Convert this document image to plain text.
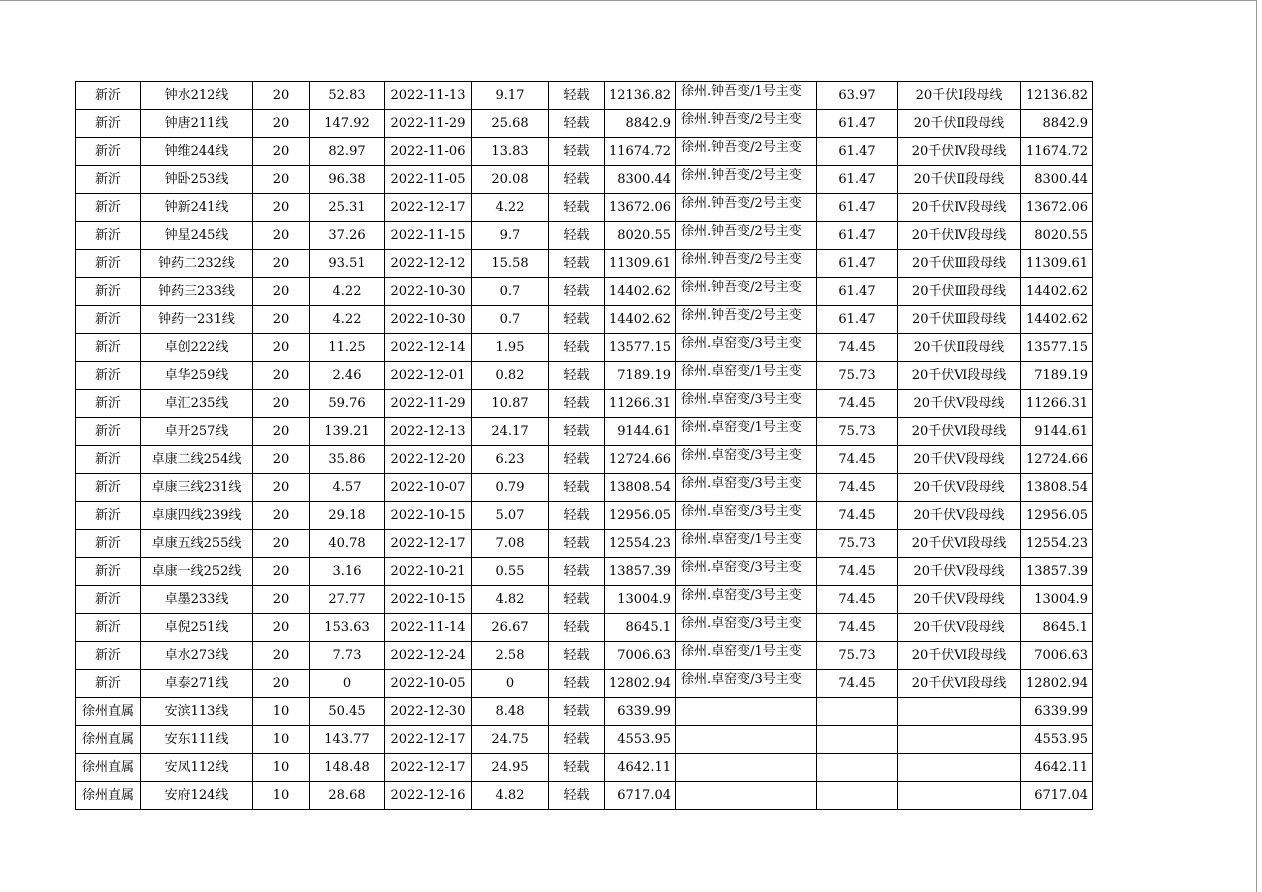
新沂	钟水212线	20	52.83	2022-11-13	9.17	轻载	12136.82	徐州.钟吾变/1号主变	63.97	20千伏Ⅰ段母线	12136.82
新沂	钟唐211线	20	147.92	2022-11-29	25.68	轻载	8842.9	徐州.钟吾变/2号主变	61.47	20千伏Ⅱ段母线	8842.9
新沂	钟维244线	20	82.97	2022-11-06	13.83	轻载	11674.72	徐州.钟吾变/2号主变	61.47	20千伏Ⅳ段母线	11674.72
新沂	钟卧253线	20	96.38	2022-11-05	20.08	轻载	8300.44	徐州.钟吾变/2号主变	61.47	20千伏Ⅱ段母线	8300.44
新沂	钟新241线	20	25.31	2022-12-17	4.22	轻载	13672.06	徐州.钟吾变/2号主变	61.47	20千伏Ⅳ段母线	13672.06
新沂	钟星245线	20	37.26	2022-11-15	9.7	轻载	8020.55	徐州.钟吾变/2号主变	61.47	20千伏Ⅳ段母线	8020.55
新沂	钟药二232线	20	93.51	2022-12-12	15.58	轻载	11309.61	徐州.钟吾变/2号主变	61.47	20千伏Ⅲ段母线	11309.61
新沂	钟药三233线	20	4.22	2022-10-30	0.7	轻载	14402.62	徐州.钟吾变/2号主变	61.47	20千伏Ⅲ段母线	14402.62
新沂	钟药一231线	20	4.22	2022-10-30	0.7	轻载	14402.62	徐州.钟吾变/2号主变	61.47	20千伏Ⅲ段母线	14402.62
新沂	卓创222线	20	11.25	2022-12-14	1.95	轻载	13577.15	徐州.卓窑变/3号主变	74.45	20千伏Ⅱ段母线	13577.15
新沂	卓华259线	20	2.46	2022-12-01	0.82	轻载	7189.19	徐州.卓窑变/1号主变	75.73	20千伏Ⅵ段母线	7189.19
新沂	卓汇235线	20	59.76	2022-11-29	10.87	轻载	11266.31	徐州.卓窑变/3号主变	74.45	20千伏Ⅴ段母线	11266.31
新沂	卓开257线	20	139.21	2022-12-13	24.17	轻载	9144.61	徐州.卓窑变/1号主变	75.73	20千伏Ⅵ段母线	9144.61
新沂	卓康二线254线	20	35.86	2022-12-20	6.23	轻载	12724.66	徐州.卓窑变/3号主变	74.45	20千伏Ⅴ段母线	12724.66
新沂	卓康三线231线	20	4.57	2022-10-07	0.79	轻载	13808.54	徐州.卓窑变/3号主变	74.45	20千伏Ⅴ段母线	13808.54
新沂	卓康四线239线	20	29.18	2022-10-15	5.07	轻载	12956.05	徐州.卓窑变/3号主变	74.45	20千伏Ⅴ段母线	12956.05
新沂	卓康五线255线	20	40.78	2022-12-17	7.08	轻载	12554.23	徐州.卓窑变/1号主变	75.73	20千伏Ⅵ段母线	12554.23
新沂	卓康一线252线	20	3.16	2022-10-21	0.55	轻载	13857.39	徐州.卓窑变/3号主变	74.45	20千伏Ⅴ段母线	13857.39
新沂	卓墨233线	20	27.77	2022-10-15	4.82	轻载	13004.9	徐州.卓窑变/3号主变	74.45	20千伏Ⅴ段母线	13004.9
新沂	卓倪251线	20	153.63	2022-11-14	26.67	轻载	8645.1	徐州.卓窑变/3号主变	74.45	20千伏Ⅴ段母线	8645.1
新沂	卓水273线	20	7.73	2022-12-24	2.58	轻载	7006.63	徐州.卓窑变/1号主变	75.73	20千伏Ⅵ段母线	7006.63
新沂	卓泰271线	20	0	2022-10-05	0	轻载	12802.94	徐州.卓窑变/3号主变	74.45	20千伏Ⅵ段母线	12802.94
徐州直属	安滨113线	10	50.45	2022-12-30	8.48	轻载	6339.99				6339.99
徐州直属	安东111线	10	143.77	2022-12-17	24.75	轻载	4553.95				4553.95
徐州直属	安凤112线	10	148.48	2022-12-17	24.95	轻载	4642.11				4642.11
徐州直属	安府124线	10	28.68	2022-12-16	4.82	轻载	6717.04				6717.04
